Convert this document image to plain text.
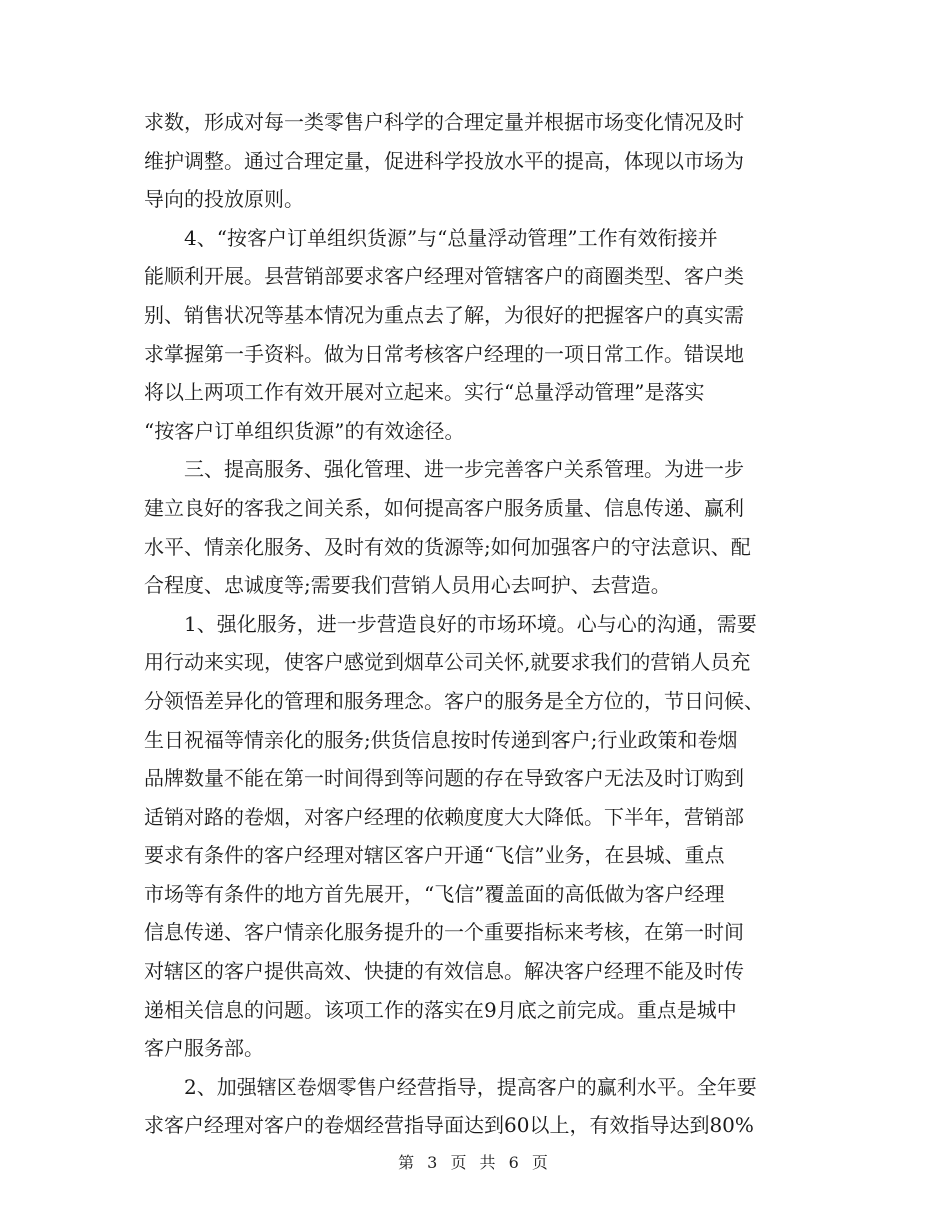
求数，形成对每一类零售户科学的合理定量并根据市场变化情况及时
维护调整。通过合理定量，促进科学投放水平的提高，体现以市场为
导向的投放原则。
4、“按客户订单组织货源”与“总量浮动管理”工作有效衔接并
能顺利开展。县营销部要求客户经理对管辖客户的商圈类型、客户类
别、销售状况等基本情况为重点去了解，为很好的把握客户的真实需
求掌握第一手资料。做为日常考核客户经理的一项日常工作。错误地
将以上两项工作有效开展对立起来。实行“总量浮动管理”是落实
“按客户订单组织货源”的有效途径。
三、提高服务、强化管理、进一步完善客户关系管理。为进一步
建立良好的客我之间关系，如何提高客户服务质量、信息传递、赢利
水平、情亲化服务、及时有效的货源等;如何加强客户的守法意识、配
合程度、忠诚度等;需要我们营销人员用心去呵护、去营造。
1、强化服务，进一步营造良好的市场环境。心与心的沟通，需要
用行动来实现，使客户感觉到烟草公司关怀,就要求我们的营销人员充
分领悟差异化的管理和服务理念。客户的服务是全方位的，节日问候、
生日祝福等情亲化的服务;供货信息按时传递到客户;行业政策和卷烟
品牌数量不能在第一时间得到等问题的存在导致客户无法及时订购到
适销对路的卷烟，对客户经理的依赖度度大大降低。下半年，营销部
要求有条件的客户经理对辖区客户开通“飞信”业务，在县城、重点
市场等有条件的地方首先展开，“飞信”覆盖面的高低做为客户经理
信息传递、客户情亲化服务提升的一个重要指标来考核，在第一时间
对辖区的客户提供高效、快捷的有效信息。解决客户经理不能及时传
递相关信息的问题。该项工作的落实在9月底之前完成。重点是城中
客户服务部。
2、加强辖区卷烟零售户经营指导，提高客户的赢利水平。全年要
求客户经理对客户的卷烟经营指导面达到60以上，有效指导达到80%
第 3 页 共 6 页
